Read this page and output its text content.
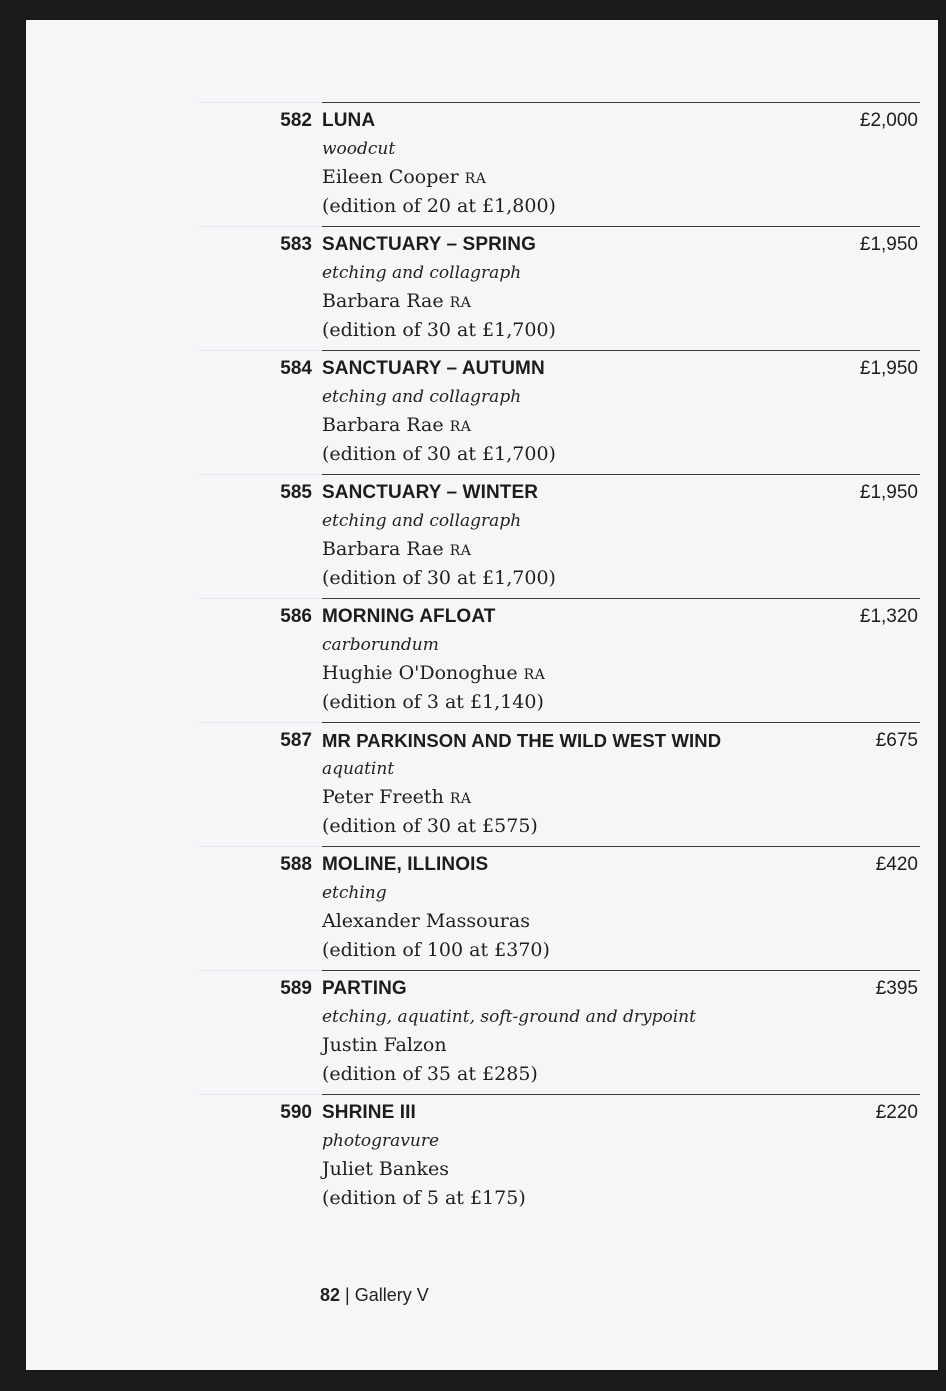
582 LUNA	£2,000
woodcut
Eileen Cooper RA
(edition of 20 at £1,800)
583 SANCTUARY – SPRING	£1,950
etching and collagraph
Barbara Rae RA
(edition of 30 at £1,700)
584 SANCTUARY – AUTUMN	£1,950
etching and collagraph
Barbara Rae RA
(edition of 30 at £1,700)
585 SANCTUARY – WINTER	£1,950
etching and collagraph
Barbara Rae RA
(edition of 30 at £1,700)
586 MORNING AFLOAT	£1,320
carborundum
Hughie O'Donoghue RA
(edition of 3 at £1,140)
587 MR PARKINSON AND THE WILD WEST WIND	£675
aquatint
Peter Freeth RA
(edition of 30 at £575)
588 MOLINE, ILLINOIS	£420
etching
Alexander Massouras
(edition of 100 at £370)
589 PARTING	£395
etching, aquatint, soft-ground and drypoint
Justin Falzon
(edition of 35 at £285)
590 SHRINE III	£220
photogravure
Juliet Bankes
(edition of 5 at £175)
82 | Gallery V
